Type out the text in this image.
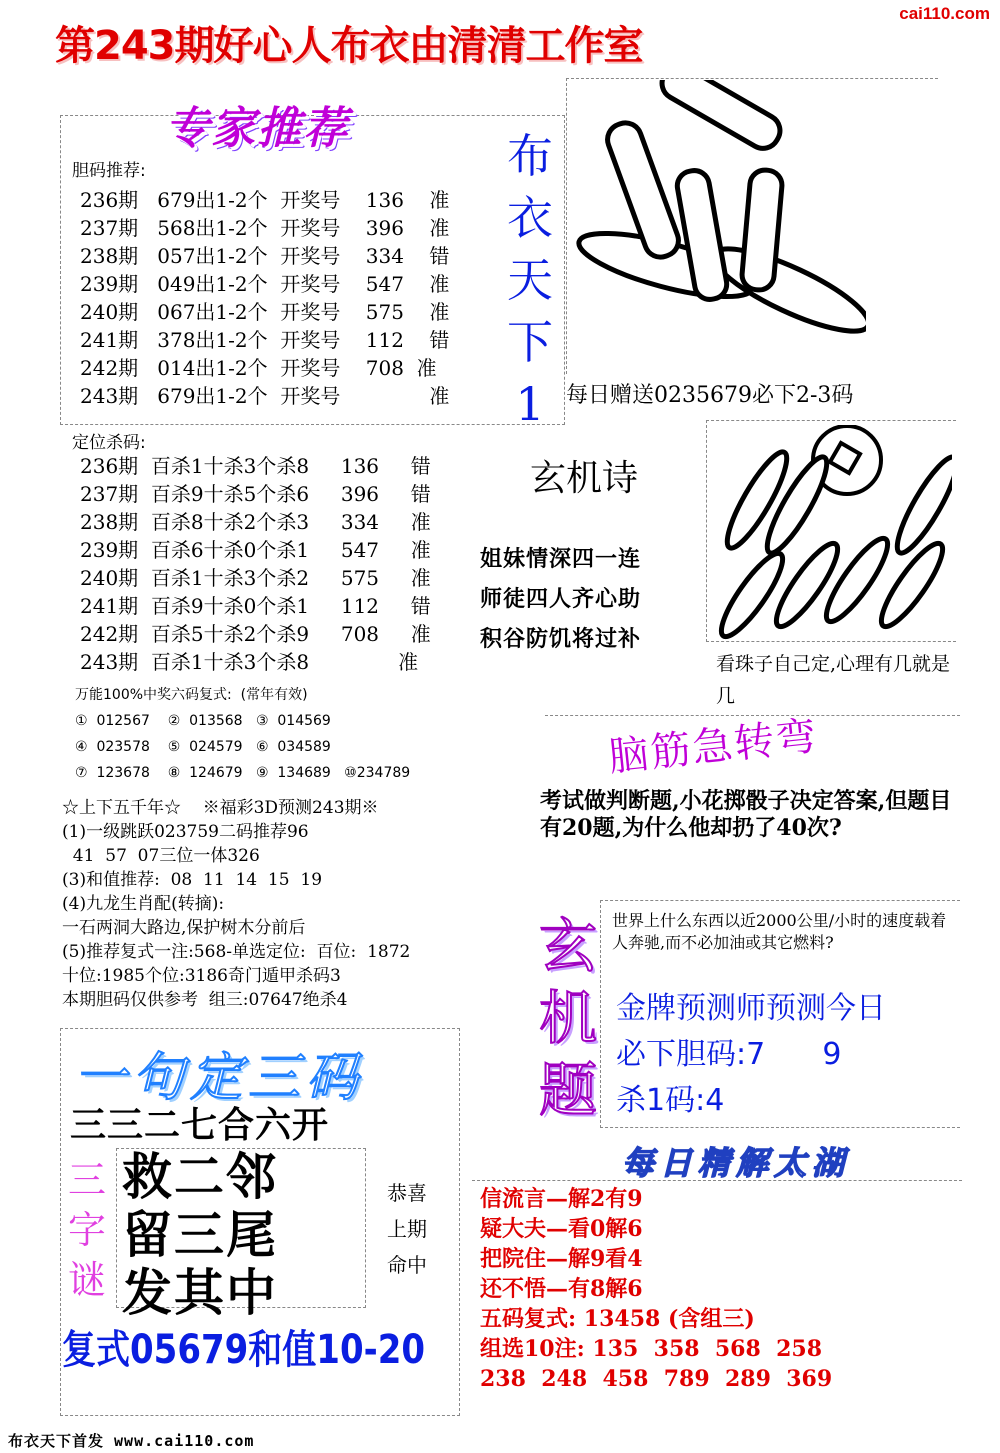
cai110.com
第243期好心人布衣由清清工作室
专家推荐
胆码推荐:
236期   679出1-2个  开奖号    136    准
237期   568出1-2个  开奖号    396    准
238期   057出1-2个  开奖号    334    错
239期   049出1-2个  开奖号    547    准
240期   067出1-2个  开奖号    575    准
241期   378出1-2个  开奖号    112    错
242期   014出1-2个  开奖号    708  准
243期   679出1-2个  开奖号              准
定位杀码:
236期  百杀1十杀3个杀8     136     错
237期  百杀9十杀5个杀6     396     错
238期  百杀8十杀2个杀3     334     准
239期  百杀6十杀0个杀1     547     准
240期  百杀1十杀3个杀2     575     准
241期  百杀9十杀0个杀1     112     错
242期  百杀5十杀2个杀9     708     准
243期  百杀1十杀3个杀8              准
万能100%中奖六码复式:  (常年有效)
①  012567    ②  013568   ③  014569
④  023578    ⑤  024579   ⑥  034589
⑦  123678    ⑧  124679   ⑨  134689   ⑩234789
☆上下五千年☆    ※福彩3D预测243期※
(1)一级跳跃023759二码推荐96
41  57  07三位一体326
(3)和值推荐:  08  11  14  15  19
(4)九龙生肖配(转摘):
一石两洞大路边,保护树木分前后
(5)推荐复式一注:568-单选定位:  百位:  1872
十位:1985个位:3186奇门遁甲杀码3
本期胆码仅供参考  组三:07647绝杀4
布
衣
天
下
1 每日赠送0235679必下2-3码
玄机诗
姐妹情深四一连
师徒四人齐心助
积谷防饥将过补
看珠子自己定,心理有几就是几
脑筋急转弯
考试做判断题,小花掷骰子决定答案,但题目有20题,为什么他却扔了40次?
玄
机
题
世界上什么东西以近2000公里/小时的速度载着人奔驰,而不必加油或其它燃料?
金牌预测师预测今日
必下胆码:7      9
杀1码:4
每日精解太湖
信流言—解2有9
疑大夫—看0解6
把院住—解9看4
还不悟—有8解6
五码复式: 13458 (含组三)
组选10注: 135  358  568  258
238  248  458  789  289  369
一句定三码
三三二七合六开
三
字
谜
救二邻
留三尾
发其中
恭喜
上期
命中
复式05679和值10-20
布衣天下首发 www.cai110.com
